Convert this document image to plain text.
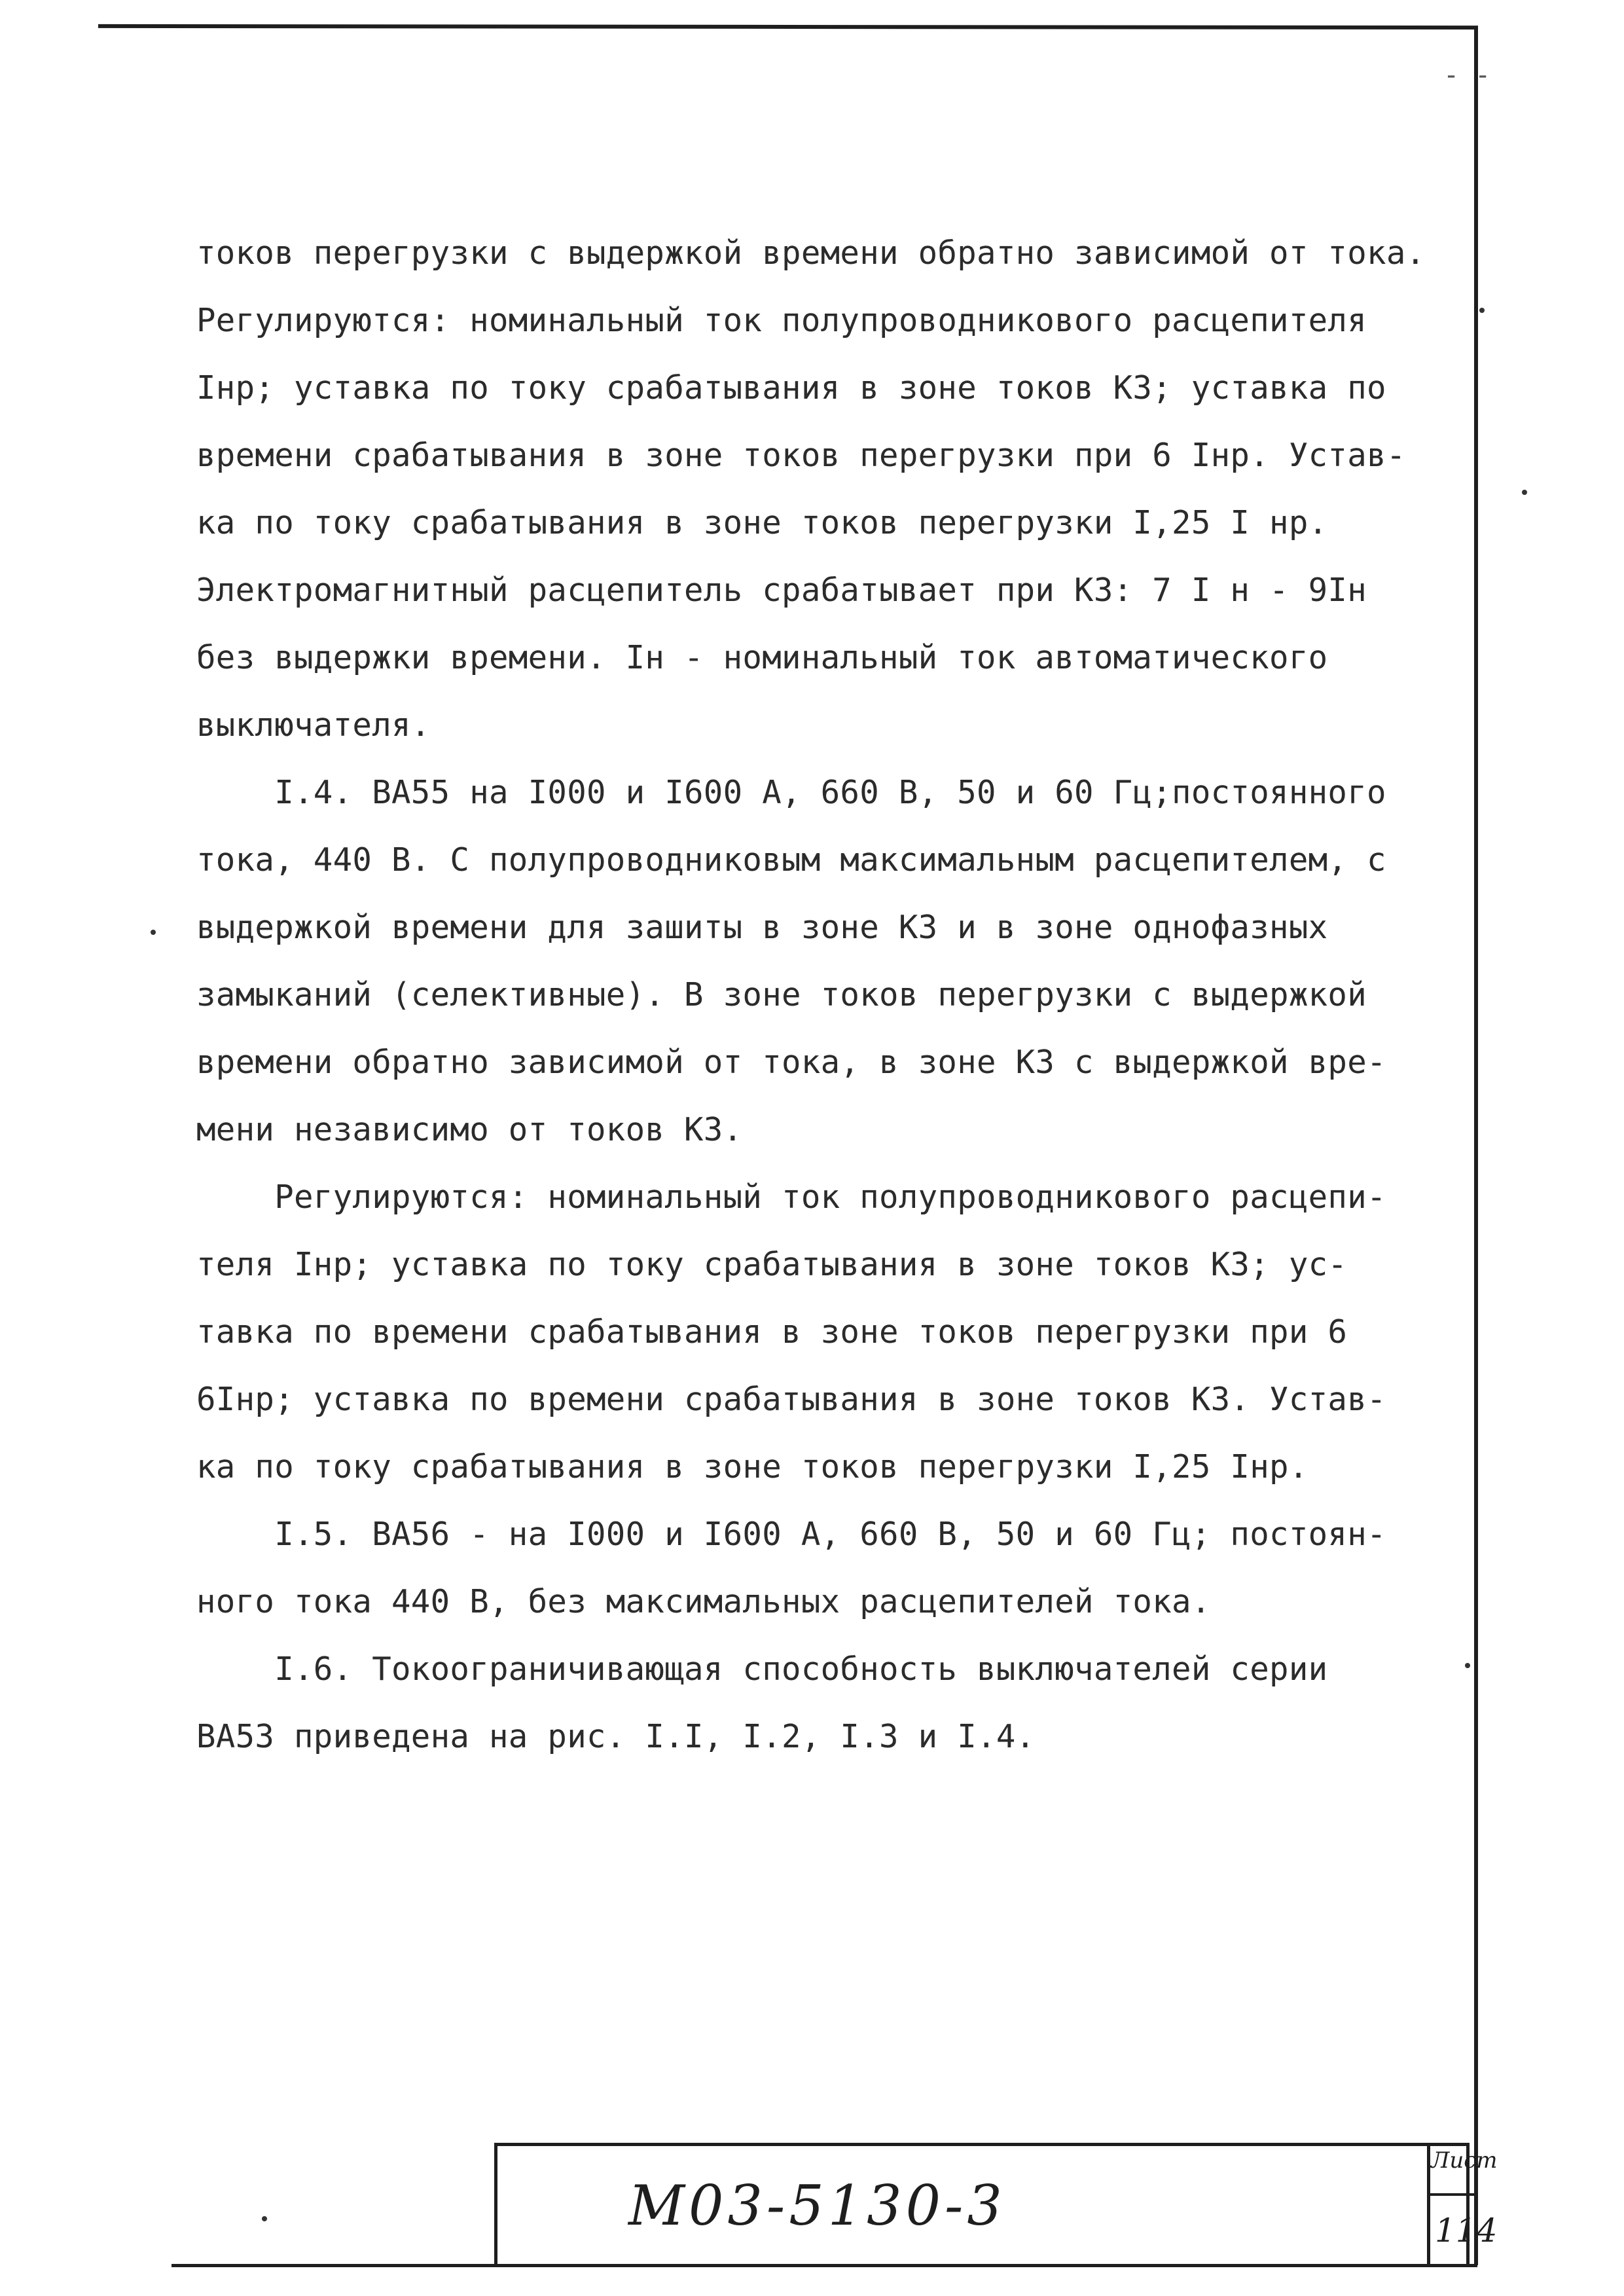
- -
токов перегрузки с выдержкой времени обратно зависимой от тока.
Регулируются: номинальный ток полупроводникового расцепителя
Iнр; уставка по току срабатывания в зоне токов КЗ; уставка по
времени срабатывания в зоне токов перегрузки при 6 Iнр. Устав-
ка по току срабатывания в зоне токов перегрузки I,25 I нр.
Электромагнитный расцепитель срабатывает при КЗ: 7 I н - 9Iн
без выдержки времени. Iн - номинальный ток автоматического
выключателя.
I.4. ВА55 на I000 и I600 А, 660 В, 50 и 60 Гц;постоянного
тока, 440 В. С полупроводниковым максимальным расцепителем, с
выдержкой времени для зашиты в зоне КЗ и в зоне однофазных
замыканий (селективные). В зоне токов перегрузки с выдержкой
времени обратно зависимой от тока, в зоне КЗ с выдержкой вре-
мени независимо от токов КЗ.
Регулируются: номинальный ток полупроводникового расцепи-
теля Iнр; уставка по току срабатывания в зоне токов КЗ; ус-
тавка по времени срабатывания в зоне токов перегрузки при 6
6Iнр; уставка по времени срабатывания в зоне токов КЗ. Устав-
ка по току срабатывания в зоне токов перегрузки I,25 Iнр.
I.5. ВА56 - на I000 и I600 А, 660 В, 50 и 60 Гц; постоян-
ного тока 440 В, без максимальных расцепителей тока.
I.6. Токоограничивающая способность выключателей серии
ВА53 приведена на рис. I.I, I.2, I.3 и I.4.
М03-5130-3
Лист
114
